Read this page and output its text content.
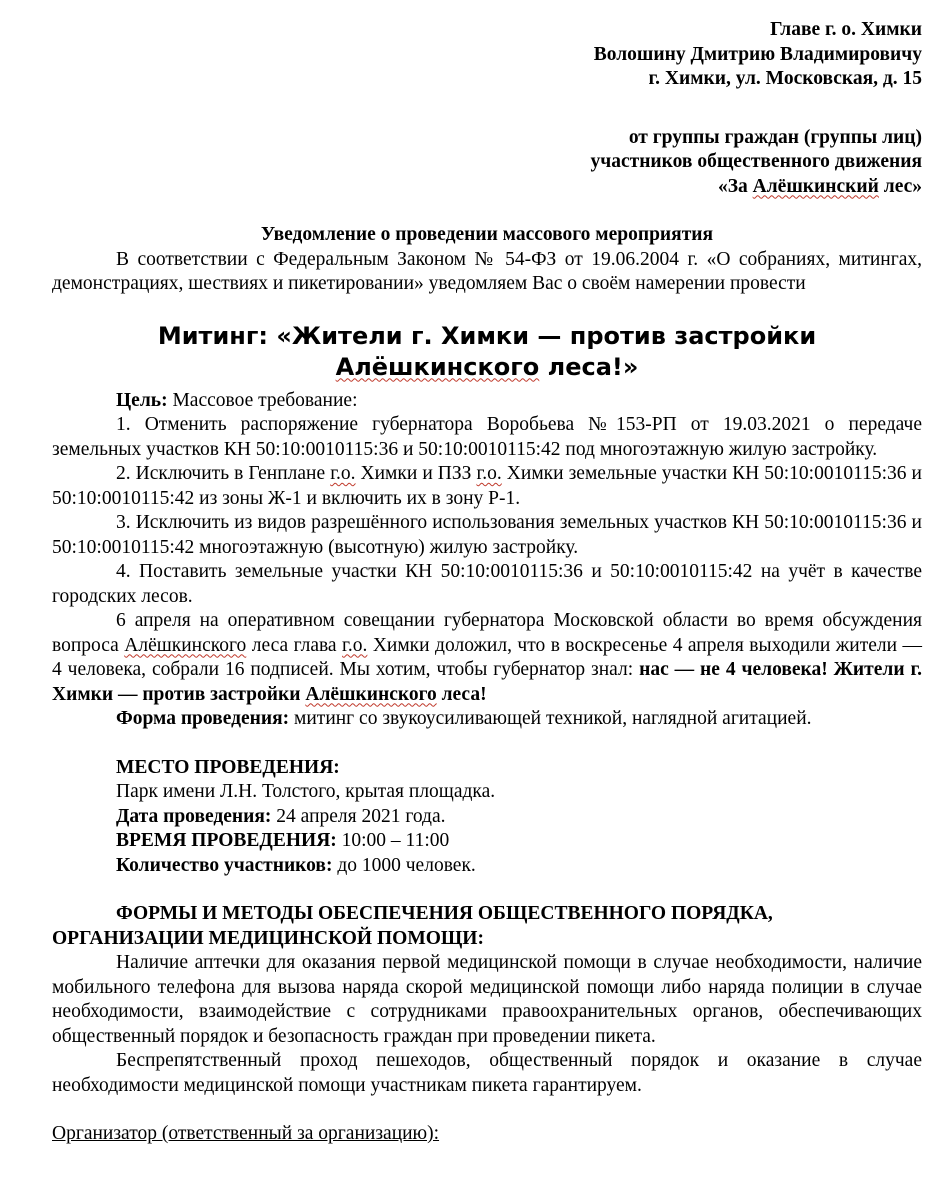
Главе г. о. Химки
Волошину Дмитрию Владимировичу
г. Химки, ул. Московская, д. 15
от группы граждан (группы лиц)
участников общественного движения
«За Алёшкинский лес»

Уведомление о проведении массового мероприятия

В соответствии с Федеральным Законом № 54-ФЗ от 19.06.2004 г. «О собраниях, митингах, демонстрациях, шествиях и пикетировании» уведомляем Вас о своём намерении провести

Митинг: «Жители г. Химки — против застройки
Алёшкинского леса!»

Цель: Массовое требование:

1. Отменить распоряжение губернатора Воробьева №153-РП от 19.03.2021 о передаче земельных участков КН 50:10:0010115:36 и 50:10:0010115:42 под многоэтажную жилую застройку.

2. Исключить в Генплане г.о. Химки и ПЗЗ г.о. Химки земельные участки КН 50:10:0010115:36 и 50:10:0010115:42 из зоны Ж-1 и включить их в зону Р-1.

3. Исключить из видов разрешённого использования земельных участков КН 50:10:0010115:36 и 50:10:0010115:42 многоэтажную (высотную) жилую застройку.

4. Поставить земельные участки КН 50:10:0010115:36 и 50:10:0010115:42 на учёт в качестве городских лесов.

6 апреля на оперативном совещании губернатора Московской области во время обсуждения вопроса Алёшкинского леса глава г.о. Химки доложил, что в воскресенье 4 апреля выходили жители — 4 человека, собрали 16 подписей. Мы хотим, чтобы губернатор знал: нас — не 4 человека! Жители г. Химки — против застройки Алёшкинского леса!

Форма проведения: митинг со звукоусиливающей техникой, наглядной агитацией.

МЕСТО ПРОВЕДЕНИЯ:
Парк имени Л.Н. Толстого, крытая площадка.
Дата проведения: 24 апреля 2021 года.
ВРЕМЯ ПРОВЕДЕНИЯ: 10:00 – 11:00
Количество участников: до 1000 человек.
ФОРМЫ И МЕТОДЫ ОБЕСПЕЧЕНИЯ ОБЩЕСТВЕННОГО ПОРЯДКА,
ОРГАНИЗАЦИИ МЕДИЦИНСКОЙ ПОМОЩИ:

Наличие аптечки для оказания первой медицинской помощи в случае необходимости, наличие мобильного телефона для вызова наряда скорой медицинской помощи либо наряда полиции в случае необходимости, взаимодействие с сотрудниками правоохранительных органов, обеспечивающих общественный порядок и безопасность граждан при проведении пикета.

Беспрепятственный проход пешеходов, общественный порядок и оказание в случае необходимости медицинской помощи участникам пикета гарантируем.

Организатор (ответственный за организацию):
